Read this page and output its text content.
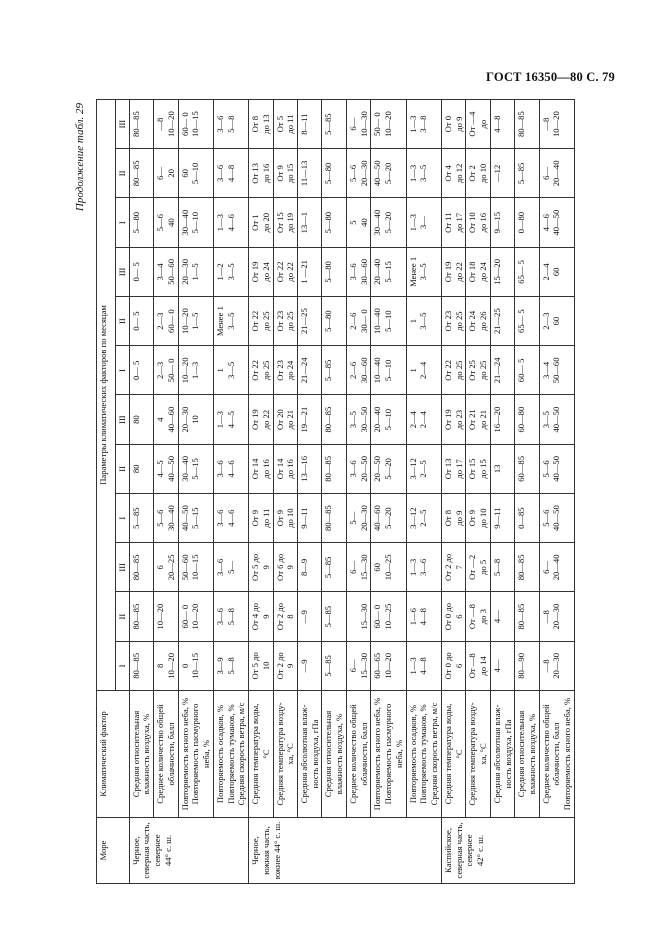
ГОСТ 16350—80 С. 79
Продолжение табл. 29
Море	Климатический фактор	Параметры климатических факторов по месяцам											
		I	II	III	I	II	III	I	II	III	I	II	III

Черное, северная часть, севернее 44° с. ш.	Средняя относительная влажность воздуха, %	80—85	80—85	80—85	5—85	80	80	0— 5	0— 5	0— 5	5—80	80—85	80—85

	Среднее количество общей облачности, балл	8 10—20	10—20	6 20—25	5—6 30—40	4—5 40—50	4 40—60	2—3 50— 0	2—3 60— 0	3—4 50—60	5—6 40	6— 20	—8 10—20

	Повторяемость ясного неба, % Повторяемость пасмурного неба, %	0 10—15	60— 0 10—20	50—60 10—15	40—50 5—15	30—40 5—15	20—30 10	10—20 1—3	10—20 1—5	20—30 1—5	30—40 5—10	60 5—10	60— 0 10—15

	Повторяемость осадков, % Повторяемость туманов, % Средняя скорость ветра, м/с	3—9 5—8	3—6 5—8	3—6 5—	3—6 4—6	3—6 4—6	1—3 4—5	1 3—5	Менее 1 3—5	1—2 3—5	1—3 4—6	3—6 4—8	3—6 5—8

Черное, южная часть, южнее 44° с. ш.	Средняя температура воды, °С	От 5 до 10	От 4 до 9	От 5 до 9	От 9 до 11	От 14 до 16	От 19 до 22	От 22 до 25	От 22 до 25	От 19 до 24	От 1 до 20	От 13 до 16	От 8 до 13

	Средняя температура возду- ха, °С	От 2 до 9	От 2 до 8	От 6 до 9	От 9 до 10	От 14 до 16	От 20 до 21	От 23 до 24	От 23 до 25	От 22 до 22	От 15 до 19	От 9 до 15	От 5 до 11

	Средняя абсолютная влаж- ность воздуха, гПа	—9	—9	8—9	9—11	13—16	19—21	21—24	21—25	1 —21	13—1	11—13	8—11

	Средняя относительная влажность воздуха, %	5—85	5—85	5—85	80—85	80—85	80—85	5—85	5—80	5—80	5—80	5—80	5—85

	Среднее количество общей облачности, балл	6— 15—30	15—30	6— 15—30	5— 20—30	3—6 20—50	3—5 30—50	2—6 30—60	2—6 30— 0	3—6 30—60	5 40	5—6 20—30	6— 10—30

	Повторяемость ясного неба, % Повторяемость пасмурного неба, %	60—65 10—20	60— 0 10—25	60 10—25	40—60 5—20	20—50 5—20	20—40 5—10	10—40 5—10	10—40 5—10	20—40 5—15	30—40 5—20	40—50 5—20	50— 0 10—20

	Повторяемость осадков, % Повторяемость туманов, % Средняя скорость ветра, м/с	1—3 4—8	1—6 4—8	1—3 3—6	3—12 2—5	3—12 2—5	2—4 2—4	1 2—4	1 3—5	Менее 1 3—5	1—3 3—	1—3 3—5	1—3 3—8

Каспийское, северная часть, севернее 42° с. ш.	Средняя температура воды, °С	От 0 до 6	От 0 до 6	От 2 до 7	От 8 до 9	От 13 до 17	От 19 до 23	От 22 до 25	От 23 до 25	От 19 до 22	От 11 до 17	От 4 до 12	От 0 до 9

	Средняя температура возду- ха, °С	От —8 до 14	От —8 до 3	От —2 до 5	От 9 до 10	От 15 до 15	От 21 до 21	От 25 до 25	От 24 до 26	От 18 до 24	От 10 до 16	От 2 до 10	От —4 до

	Средняя абсолютная влаж- ность воздуха, гПа	4—	4—	5—8	9—11	13	16—20	21—24	21—25	15—20	9—15	—12	4—8

	Средняя относительная влажность воздуха, %	80—90	80—85	80—85	0—85	60—85	60—80	60— 5	65— 5	65— 5	0—80	5—85	80—85

	Среднее количество общей облачности, балл Повторяемость ясного неба, %	—8 20—30	—8 20—30	6— 20—40	5—6 40—50	5—6 40—50	3—5 40—50	3—4 50—60	2—3 60	2—4 60	4—6 40—50	6— 20—40	—8 10—20
